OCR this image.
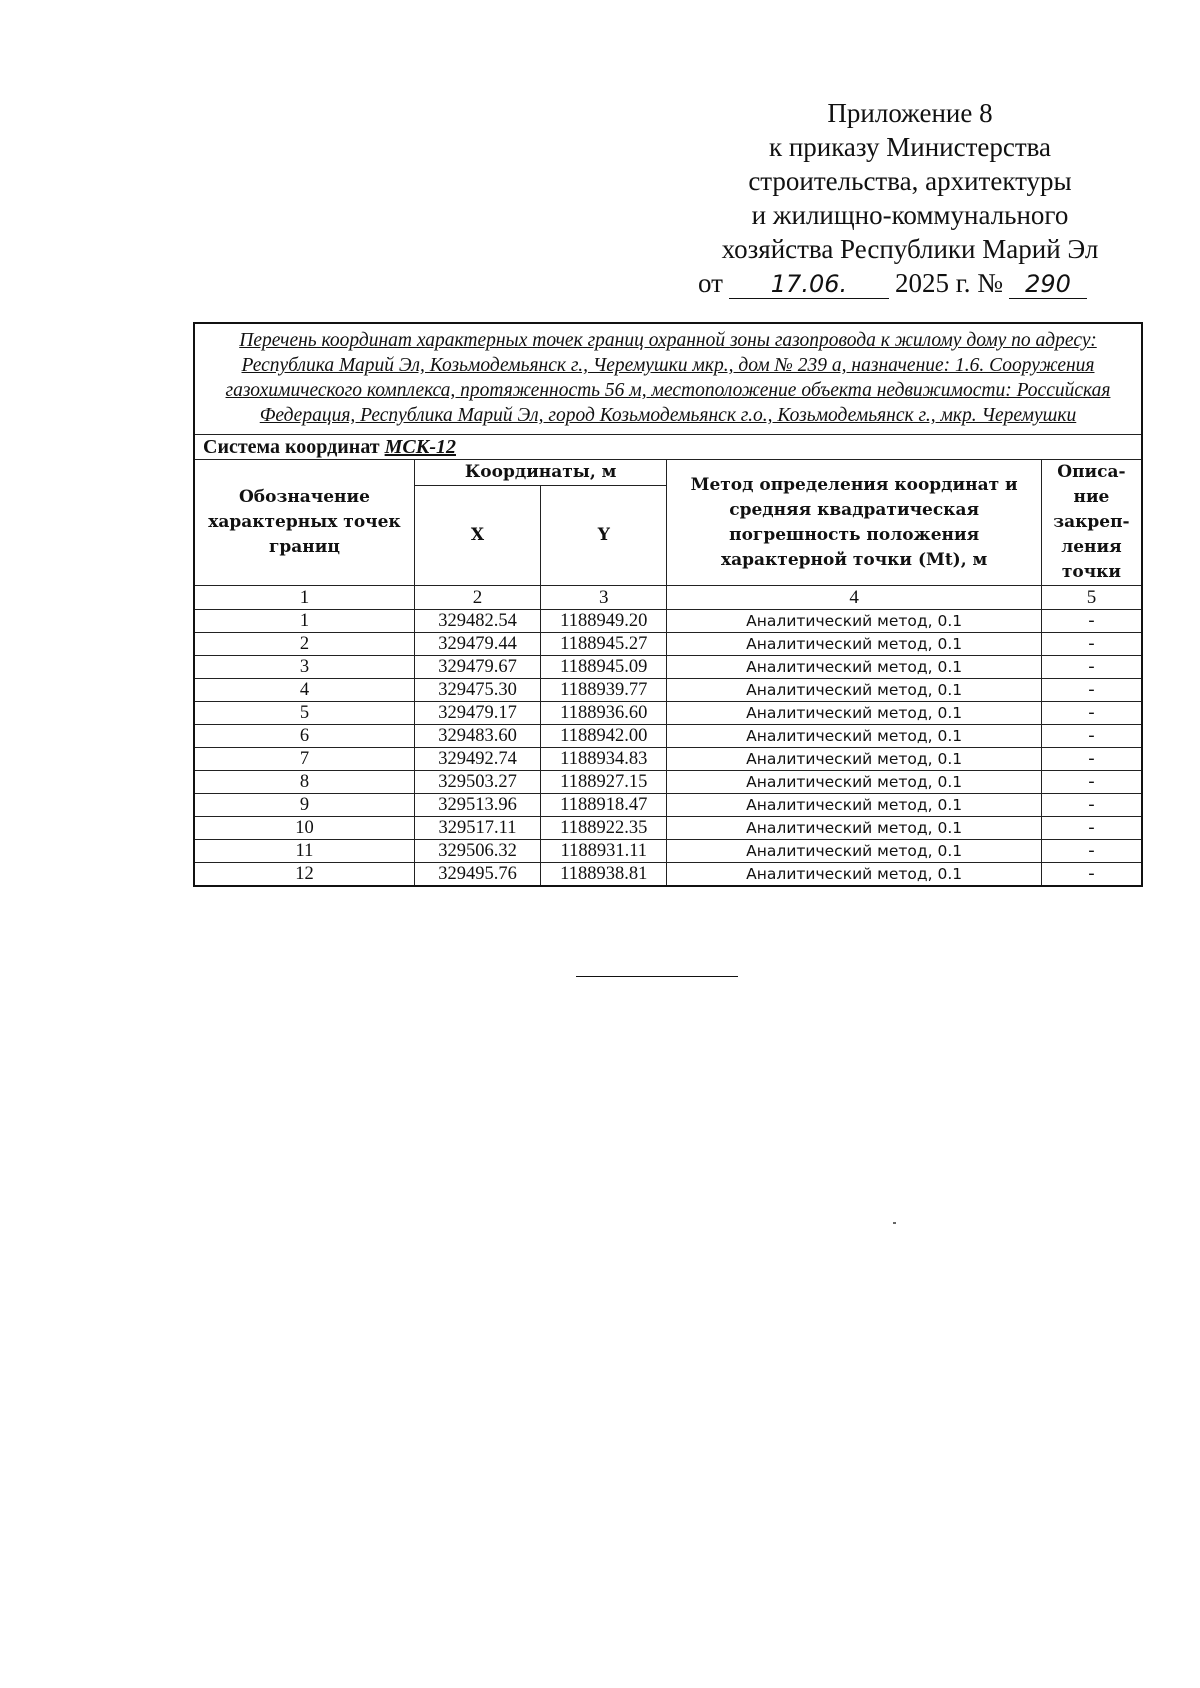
Приложение 8
к приказу Министерства
строительства, архитектуры
и жилищно-коммунального
хозяйства Республики Марий Эл
от 17.06. 2025 г. № 290
Перечень координат характерных точек границ охранной зоны газопровода к жилому дому по адресу: Республика Марий Эл, Козьмодемьянск г., Черемушки мкр., дом № 239 а, назначение: 1.6. Сооружения газохимического комплекса, протяженность 56 м, местоположение объекта недвижимости: Российская Федерация, Республика Марий Эл, город Козьмодемьянск г.о., Козьмодемьянск г., мкр. Черемушки				
Система координат МСК-12				
Обозначение характерных точек границ	Координаты, м		Метод определения координат и средняя квадратическая погрешность положения характерной точки (Mt), м	Описа-ние закреп-ления точки
	X	Y		
1	2	3	4	5
1	329482.54	1188949.20	Аналитический метод, 0.1	-
2	329479.44	1188945.27	Аналитический метод, 0.1	-
3	329479.67	1188945.09	Аналитический метод, 0.1	-
4	329475.30	1188939.77	Аналитический метод, 0.1	-
5	329479.17	1188936.60	Аналитический метод, 0.1	-
6	329483.60	1188942.00	Аналитический метод, 0.1	-
7	329492.74	1188934.83	Аналитический метод, 0.1	-
8	329503.27	1188927.15	Аналитический метод, 0.1	-
9	329513.96	1188918.47	Аналитический метод, 0.1	-
10	329517.11	1188922.35	Аналитический метод, 0.1	-
11	329506.32	1188931.11	Аналитический метод, 0.1	-
12	329495.76	1188938.81	Аналитический метод, 0.1	-
